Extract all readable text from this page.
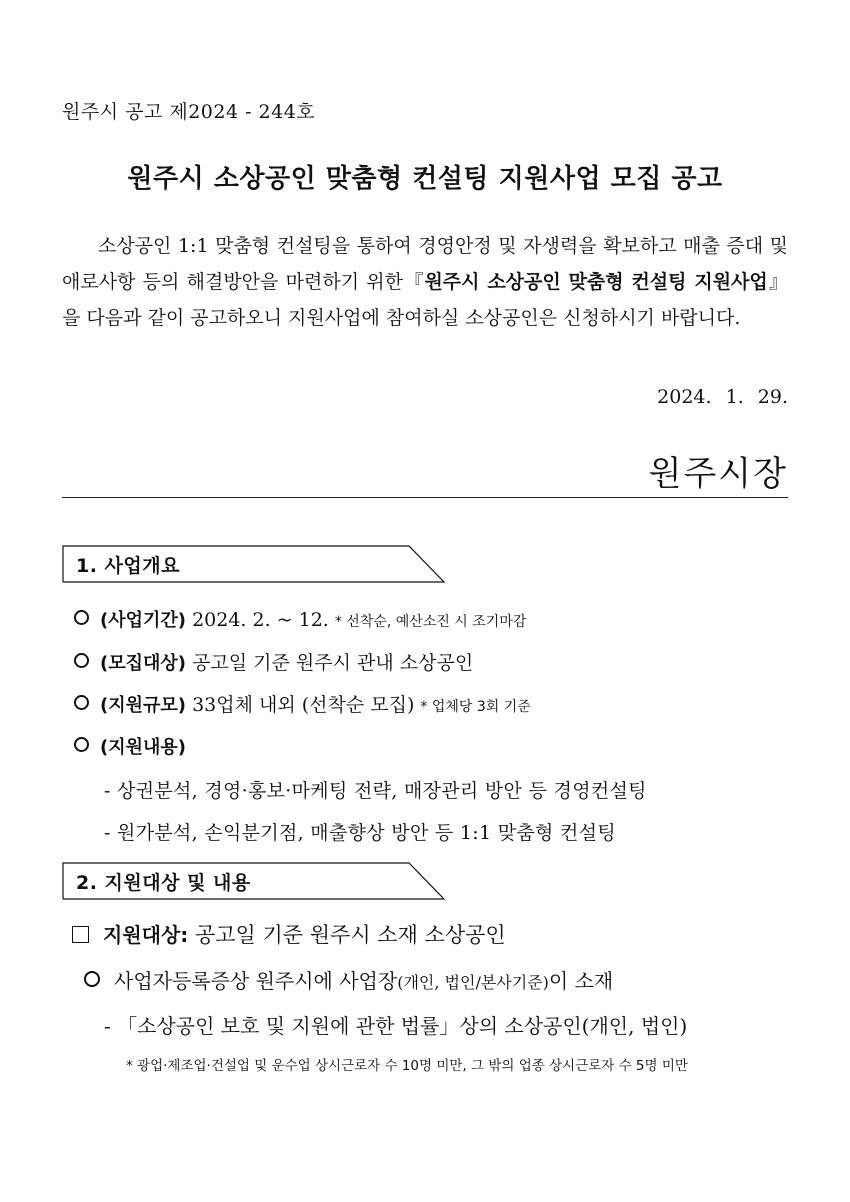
원주시 공고 제2024 - 244호
원주시 소상공인 맞춤형 컨설팅 지원사업 모집 공고
소상공인 1:1 맞춤형 컨설팅을 통하여 경영안정 및 자생력을 확보하고 매출 증대 및 애로사항 등의 해결방안을 마련하기 위한『원주시 소상공인 맞춤형 컨설팅 지원사업』을 다음과 같이 공고하오니 지원사업에 참여하실 소상공인은 신청하시기 바랍니다.
2024. 1. 29.
원주시장
1. 사업개요
(사업기간) 2024. 2. ~ 12. * 선착순, 예산소진 시 조기마감
(모집대상) 공고일 기준 원주시 관내 소상공인
(지원규모) 33업체 내외 (선착순 모집) * 업체당 3회 기준
(지원내용)
- 상권분석, 경영·홍보·마케팅 전략, 매장관리 방안 등 경영컨설팅
- 원가분석, 손익분기점, 매출향상 방안 등 1:1 맞춤형 컨설팅
2. 지원대상 및 내용
지원대상: 공고일 기준 원주시 소재 소상공인
사업자등록증상 원주시에 사업장(개인, 법인/본사기준)이 소재
- 「소상공인 보호 및 지원에 관한 법률」상의 소상공인(개인, 법인)
* 광업·제조업·건설업 및 운수업 상시근로자 수 10명 미만, 그 밖의 업종 상시근로자 수 5명 미만
